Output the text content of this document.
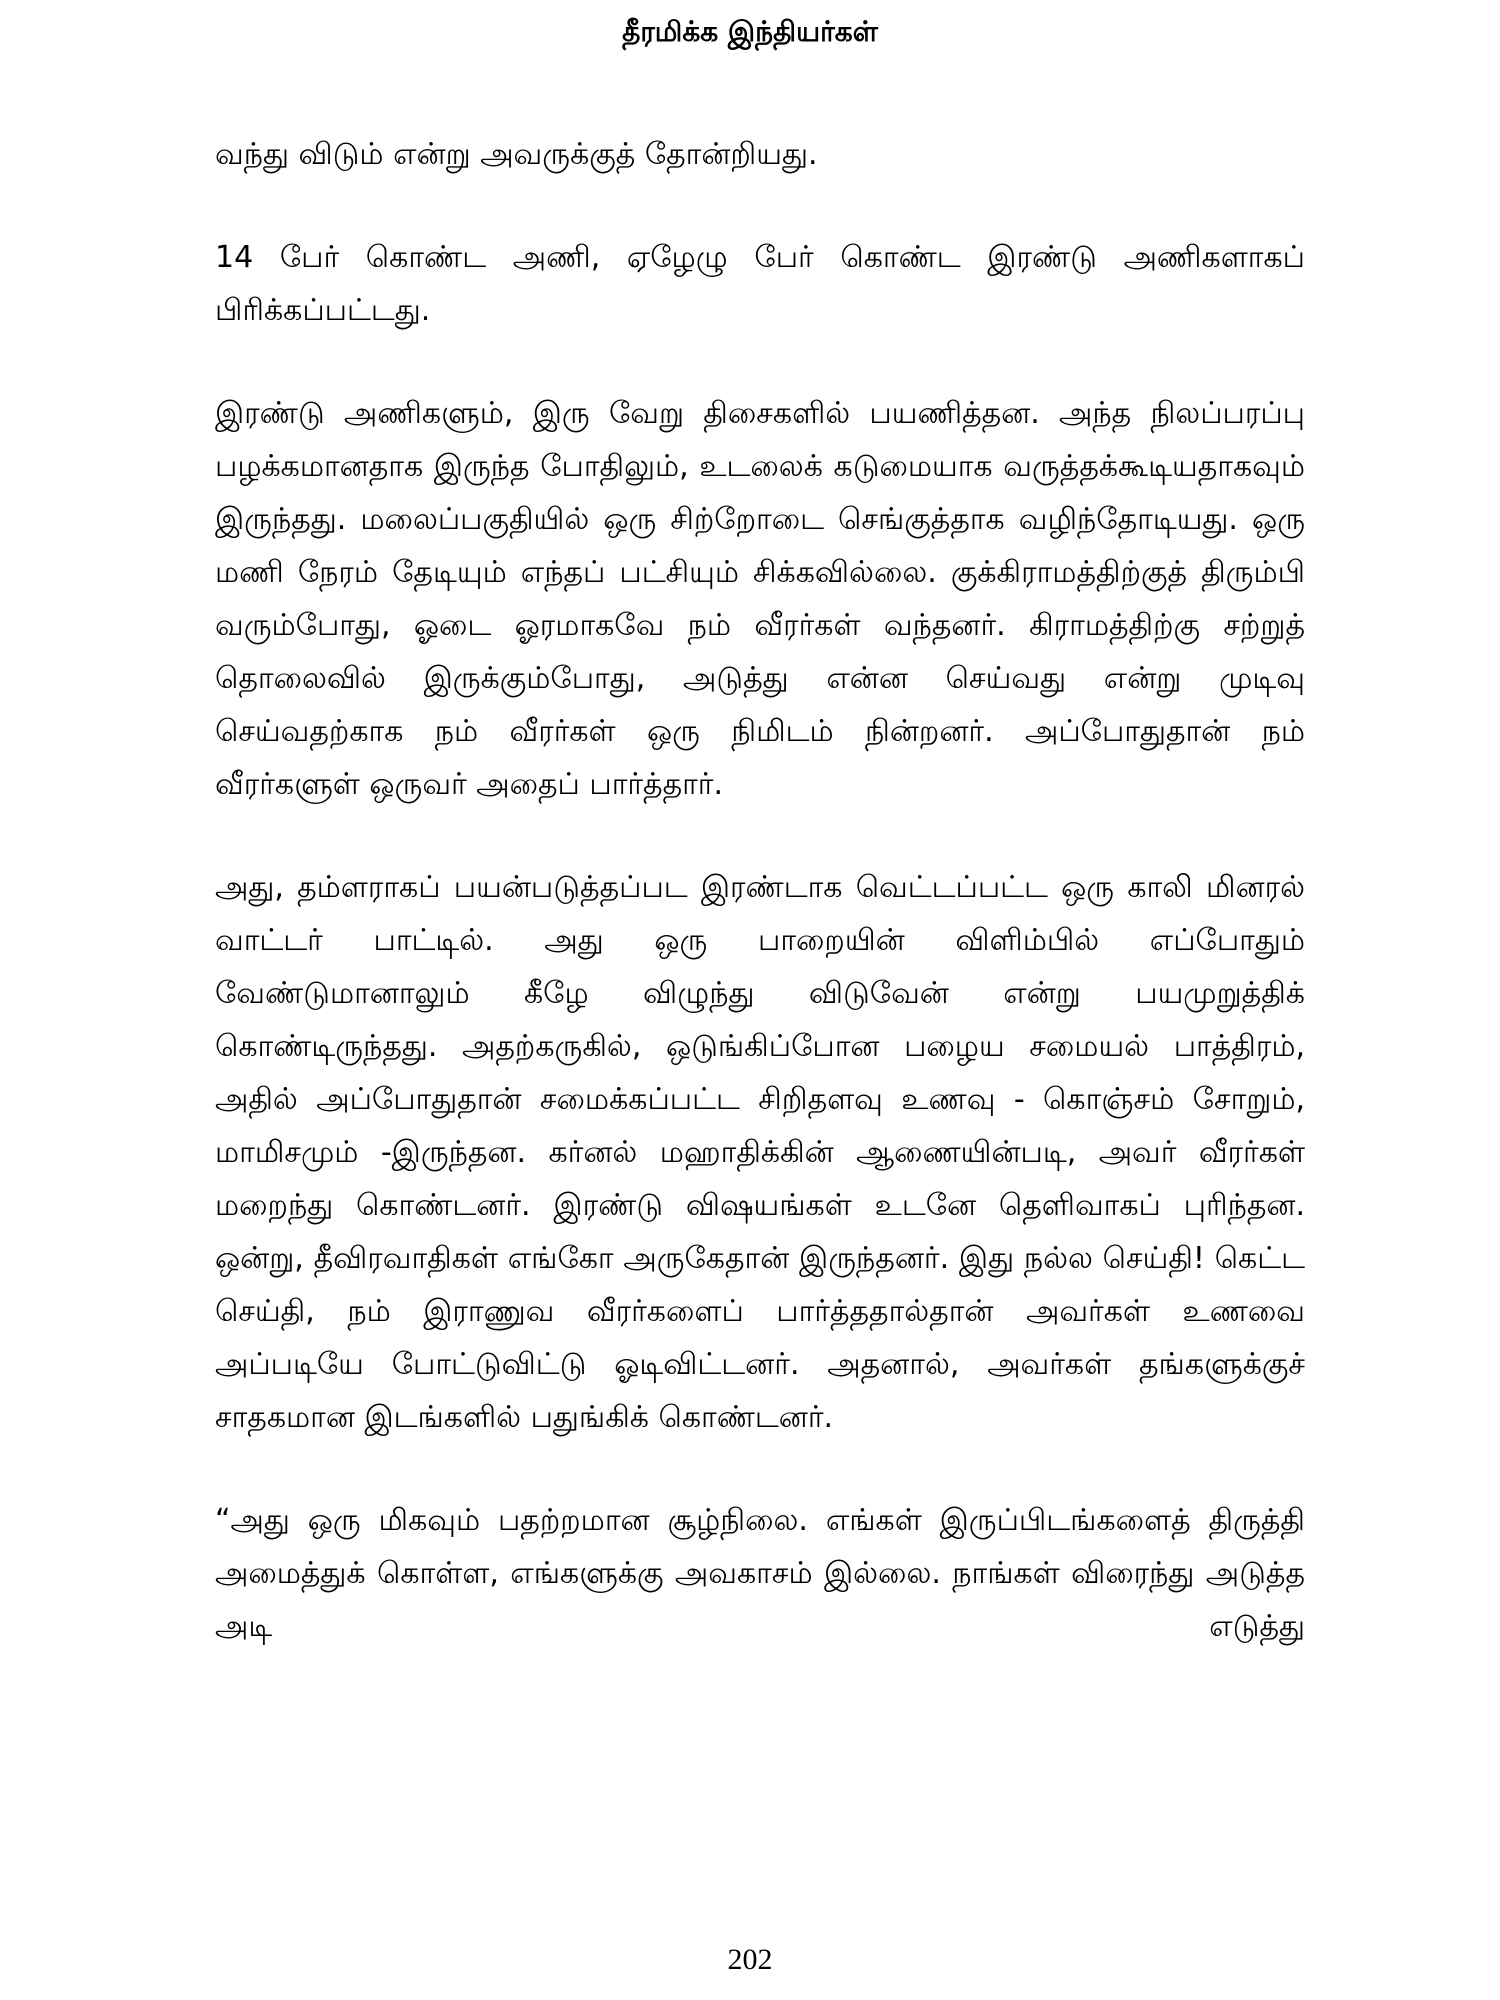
தீரமிக்க இந்தியர்கள்

வந்து விடும் என்று அவருக்குத் தோன்றியது.

14 பேர் கொண்ட அணி, ஏழேழு பேர் கொண்ட இரண்டு அணிகளாகப் பிரிக்கப்பட்டது.

இரண்டு அணிகளும், இரு வேறு திசைகளில் பயணித்தன. அந்த நிலப்பரப்பு பழக்கமானதாக இருந்த போதிலும், உடலைக் கடுமையாக வருத்தக்கூடியதாகவும் இருந்தது. மலைப்பகுதியில் ஒரு சிற்றோடை செங்குத்தாக வழிந்தோடியது. ஒரு மணி நேரம் தேடியும் எந்தப் பட்சியும் சிக்கவில்லை. குக்கிராமத்திற்குத் திரும்பி வரும்போது, ஓடை ஓரமாகவே நம் வீரர்கள் வந்தனர். கிராமத்திற்கு சற்றுத் தொலைவில் இருக்கும்போது, அடுத்து என்ன செய்வது என்று முடிவு செய்வதற்காக நம் வீரர்கள் ஒரு நிமிடம் நின்றனர். அப்போதுதான் நம் வீரர்களுள் ஒருவர் அதைப் பார்த்தார்.

அது, தம்ளராகப் பயன்படுத்தப்பட இரண்டாக வெட்டப்பட்ட ஒரு காலி மினரல் வாட்டர் பாட்டில். அது ஒரு பாறையின் விளிம்பில் எப்போதும் வேண்டுமானாலும் கீழே விழுந்து விடுவேன் என்று பயமுறுத்திக் கொண்டிருந்தது. அதற்கருகில், ஒடுங்கிப்போன பழைய சமையல் பாத்திரம், அதில் அப்போதுதான் சமைக்கப்பட்ட சிறிதளவு உணவு - கொஞ்சம் சோறும், மாமிசமும் -இருந்தன. கர்னல் மஹாதிக்கின் ஆணையின்படி, அவர் வீரர்கள் மறைந்து கொண்டனர். இரண்டு விஷயங்கள் உடனே தெளிவாகப் புரிந்தன. ஒன்று, தீவிரவாதிகள் எங்கோ அருகேதான் இருந்தனர். இது நல்ல செய்தி! கெட்ட செய்தி, நம் இராணுவ வீரர்களைப் பார்த்ததால்தான் அவர்கள் உணவை அப்படியே போட்டுவிட்டு ஓடிவிட்டனர். அதனால், அவர்கள் தங்களுக்குச் சாதகமான இடங்களில் பதுங்கிக் கொண்டனர்.

“அது ஒரு மிகவும் பதற்றமான சூழ்நிலை. எங்கள் இருப்பிடங்களைத் திருத்தி அமைத்துக் கொள்ள, எங்களுக்கு அவகாசம் இல்லை. நாங்கள் விரைந்து அடுத்த அடி எடுத்து

202
